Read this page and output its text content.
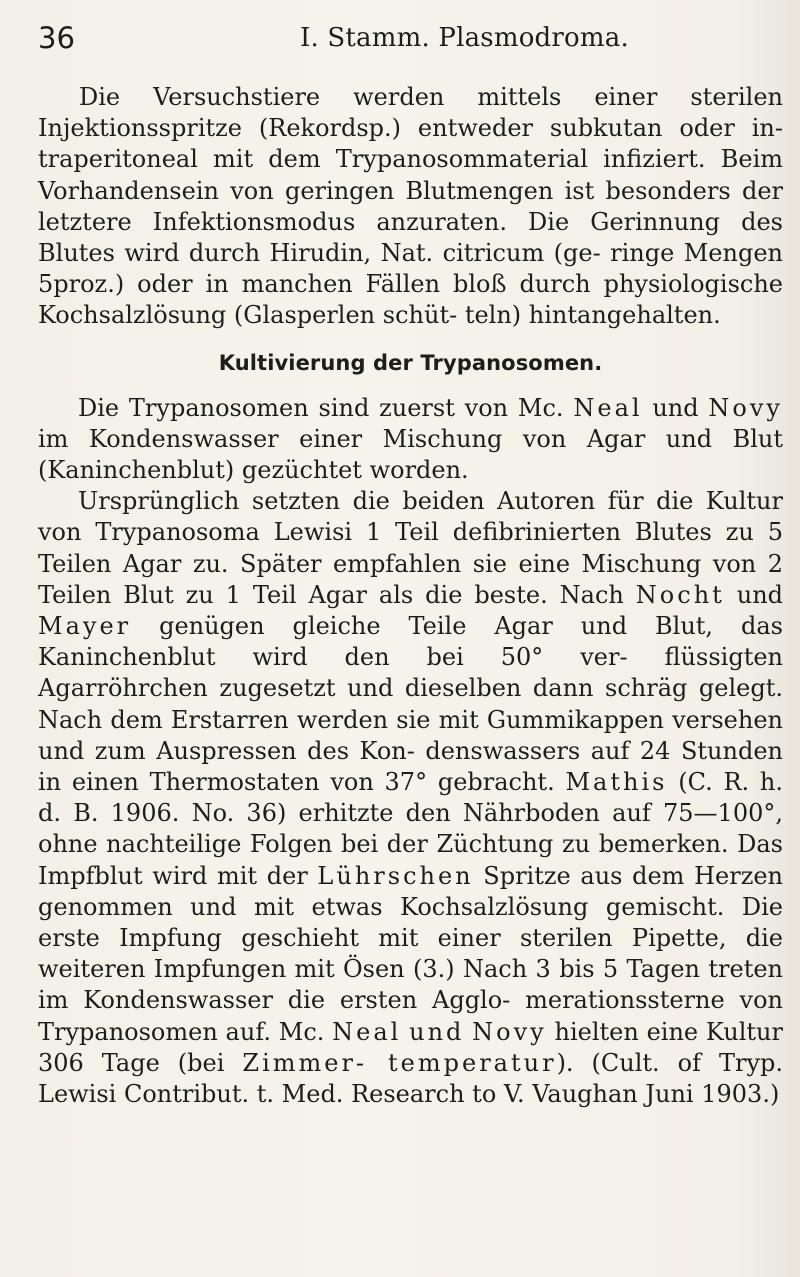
36	I. Stamm. Plasmodroma.

Die Versuchstiere werden mittels einer sterilen Injektionsspritze (Rekordsp.) entweder subkutan oder in- traperitoneal mit dem Trypanosommaterial infiziert. Beim Vorhandensein von geringen Blutmengen ist besonders der letztere Infektionsmodus anzuraten. Die Gerinnung des Blutes wird durch Hirudin, Nat. citricum (ge- ringe Mengen 5proz.) oder in manchen Fällen bloß durch physiologische Kochsalzlösung (Glasperlen schüt- teln) hintangehalten.

Kultivierung der Trypanosomen.

Die Trypanosomen sind zuerst von Mc. Neal und Novy im Kondenswasser einer Mischung von Agar und Blut (Kaninchenblut) gezüchtet worden.

Ursprünglich setzten die beiden Autoren für die Kultur von Trypanosoma Lewisi 1 Teil defibrinierten Blutes zu 5 Teilen Agar zu. Später empfahlen sie eine Mischung von 2 Teilen Blut zu 1 Teil Agar als die beste. Nach Nocht und Mayer genügen gleiche Teile Agar und Blut, das Kaninchenblut wird den bei 50° ver- flüssigten Agarröhrchen zugesetzt und dieselben dann schräg gelegt. Nach dem Erstarren werden sie mit Gummikappen versehen und zum Auspressen des Kon- denswassers auf 24 Stunden in einen Thermostaten von 37° gebracht. Mathis (C. R. h. d. B. 1906. No. 36) erhitzte den Nährboden auf 75—100°, ohne nachteilige Folgen bei der Züchtung zu bemerken. Das Impfblut wird mit der Lührschen Spritze aus dem Herzen genommen und mit etwas Kochsalzlösung gemischt. Die erste Impfung geschieht mit einer sterilen Pipette, die weiteren Impfungen mit Ösen (3.) Nach 3 bis 5 Tagen treten im Kondenswasser die ersten Agglo- merationssterne von Trypanosomen auf. Mc. Neal und Novy hielten eine Kultur 306 Tage (bei Zimmer- temperatur). (Cult. of Tryp. Lewisi Contribut. t. Med. Research to V. Vaughan Juni 1903.)
